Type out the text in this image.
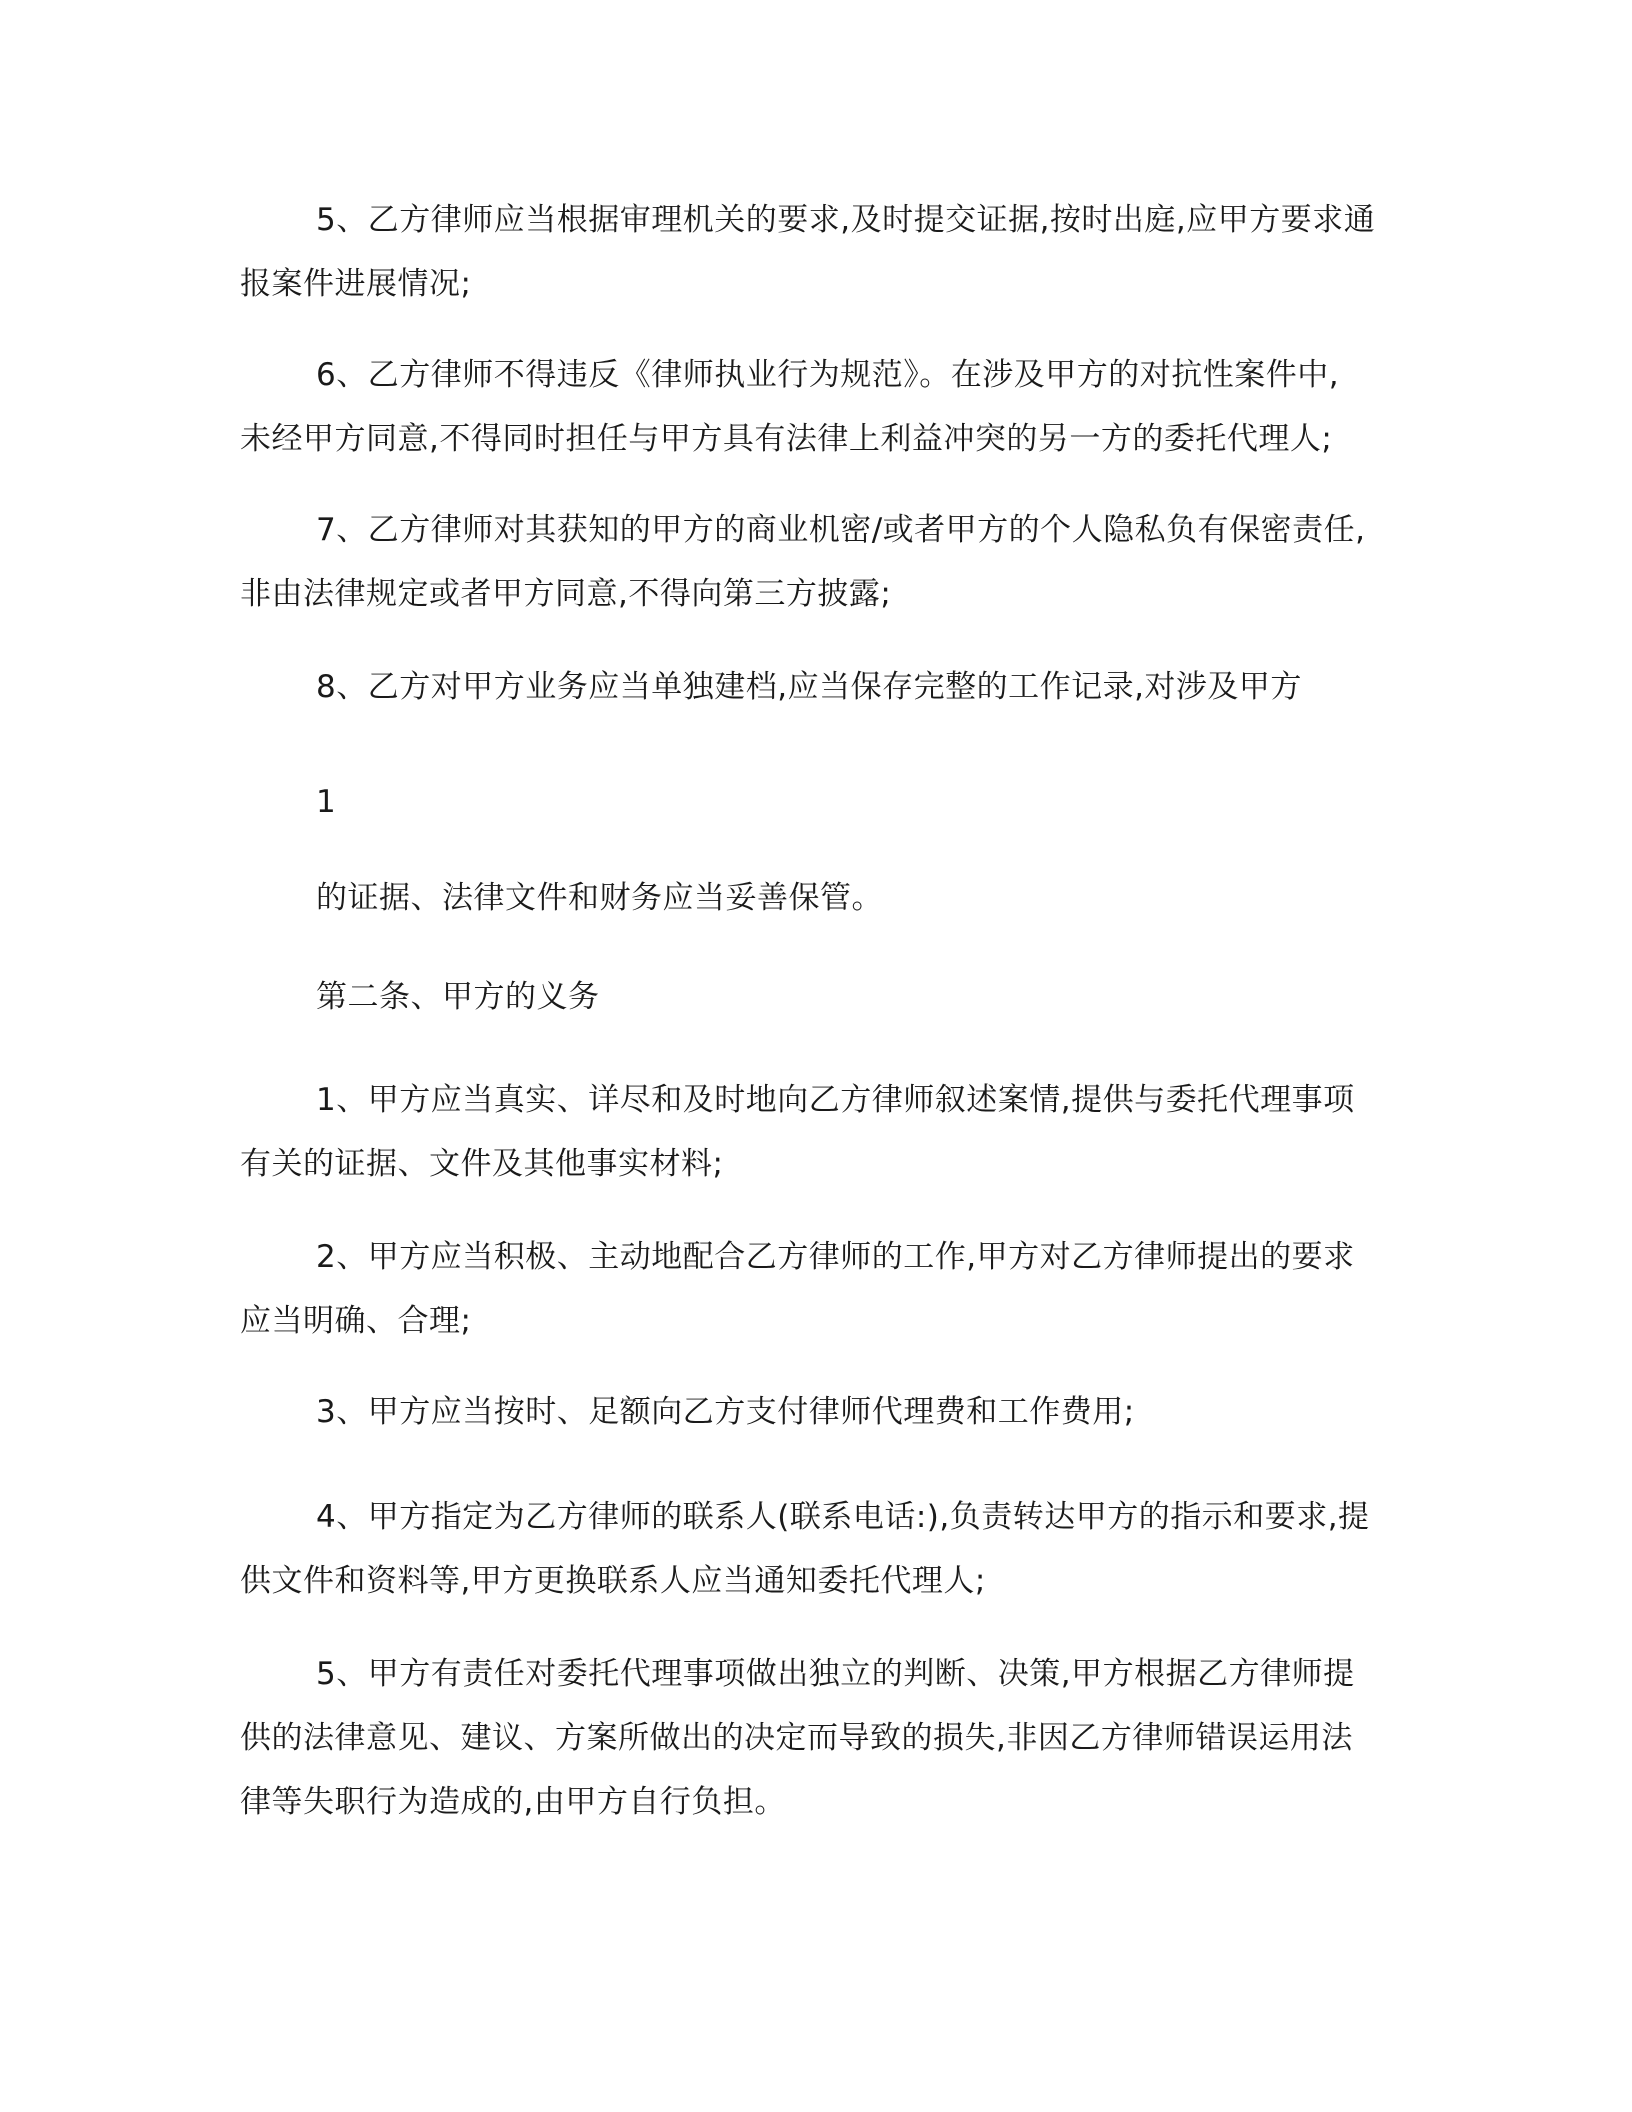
5、乙方律师应当根据审理机关的要求,及时提交证据,按时出庭,应甲方要求通
报案件进展情况;
6、乙方律师不得违反《律师执业行为规范》。在涉及甲方的对抗性案件中,
未经甲方同意,不得同时担任与甲方具有法律上利益冲突的另一方的委托代理人;
7、乙方律师对其获知的甲方的商业机密/或者甲方的个人隐私负有保密责任,
非由法律规定或者甲方同意,不得向第三方披露;
8、乙方对甲方业务应当单独建档,应当保存完整的工作记录,对涉及甲方
1
的证据、法律文件和财务应当妥善保管。
第二条、甲方的义务
1、甲方应当真实、详尽和及时地向乙方律师叙述案情,提供与委托代理事项
有关的证据、文件及其他事实材料;
2、甲方应当积极、主动地配合乙方律师的工作,甲方对乙方律师提出的要求
应当明确、合理;
3、甲方应当按时、足额向乙方支付律师代理费和工作费用;
4、甲方指定为乙方律师的联系人(联系电话:),负责转达甲方的指示和要求,提
供文件和资料等,甲方更换联系人应当通知委托代理人;
5、甲方有责任对委托代理事项做出独立的判断、决策,甲方根据乙方律师提
供的法律意见、建议、方案所做出的决定而导致的损失,非因乙方律师错误运用法
律等失职行为造成的,由甲方自行负担。
